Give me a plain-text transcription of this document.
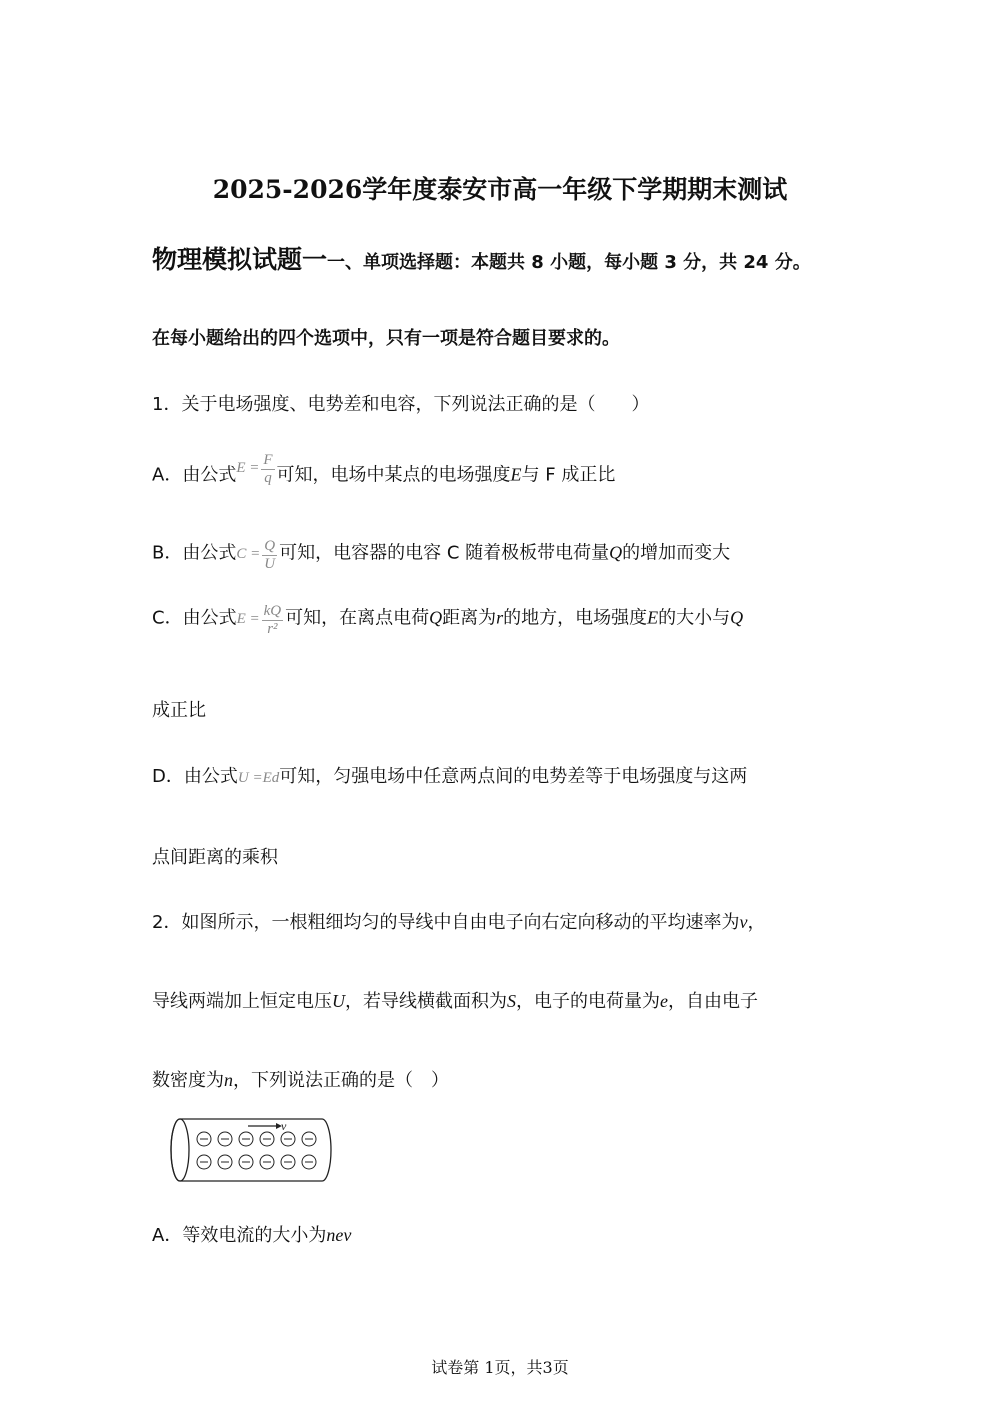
2025-2026学年度泰安市高一年级下学期期末测试
物理模拟试题一一、单项选择题：本题共 8 小题，每小题 3 分，共 24 分。
在每小题给出的四个选项中，只有一项是符合题目要求的。
1．关于电场强度、电势差和电容，下列说法正确的是（　　）
A．由公式$^{E = \frac{F}{q}}$ 可知，电场中某点的电场强度E与 F 成正比
B．由公式$C = \frac{Q}{U}$ 可知，电容器的电容 C 随着极板带电荷量Q的增加而变大
C．由公式$E = \frac{kQ}{\text{r²}}$ 可知，在离点电荷Q距离为r的地方，电场强度E的大小与Q
成正比
D．由公式U =Ed可知，匀强电场中任意两点间的电势差等于电场强度与这两
点间距离的乘积
2．如图所示，一根粗细均匀的导线中自由电子向右定向移动的平均速率为v，
导线两端加上恒定电压U，若导线横截面积为S，电子的电荷量为e，自由电子
数密度为n，下列说法正确的是（　）
v
A．等效电流的大小为nev
试卷第 1页，共3页
